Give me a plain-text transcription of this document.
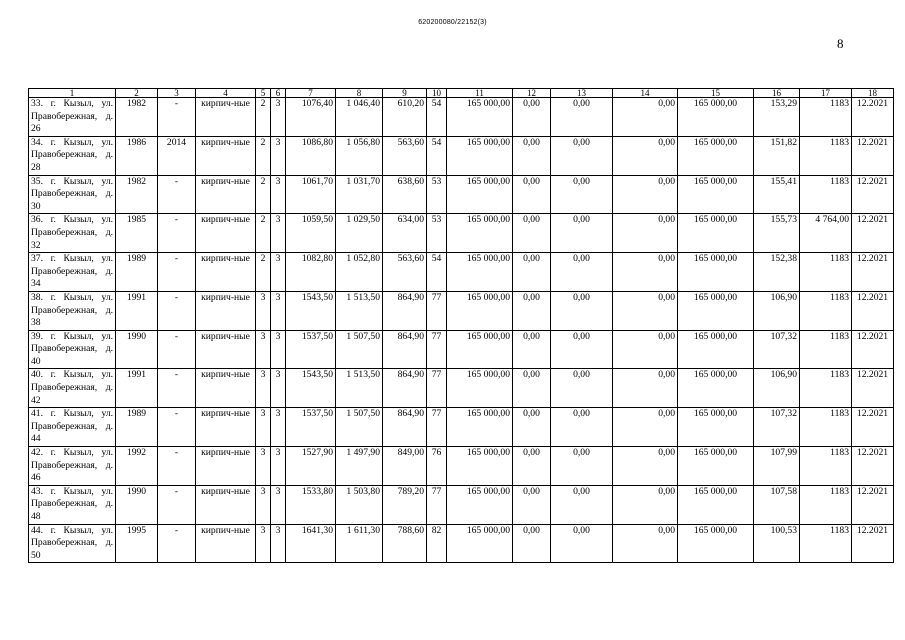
620200080/22152(3)
8
1	2	3	4	5	6	7	8	9	10	11	12	13	14	15	16	17	18
33. г. Кызыл, ул. Правобережная, д. 26	1982	-	кирпич-ные	2	3	1076,40	1 046,40	610,20	54	165 000,00	0,00	0,00	0,00	165 000,00	153,29	1183	12.2021
34. г. Кызыл, ул. Правобережная, д. 28	1986	2014	кирпич-ные	2	3	1086,80	1 056,80	563,60	54	165 000,00	0,00	0,00	0,00	165 000,00	151,82	1183	12.2021
35. г. Кызыл, ул. Правобережная, д. 30	1982	-	кирпич-ные	2	3	1061,70	1 031,70	638,60	53	165 000,00	0,00	0,00	0,00	165 000,00	155,41	1183	12.2021
36. г. Кызыл, ул. Правобережная, д. 32	1985	-	кирпич-ные	2	3	1059,50	1 029,50	634,00	53	165 000,00	0,00	0,00	0,00	165 000,00	155,73	4 764,00	12.2021
37. г. Кызыл, ул. Правобережная, д. 34	1989	-	кирпич-ные	2	3	1082,80	1 052,80	563,60	54	165 000,00	0,00	0,00	0,00	165 000,00	152,38	1183	12.2021
38. г. Кызыл, ул. Правобережная, д. 38	1991	-	кирпич-ные	3	3	1543,50	1 513,50	864,90	77	165 000,00	0,00	0,00	0,00	165 000,00	106,90	1183	12.2021
39. г. Кызыл, ул. Правобережная, д. 40	1990	-	кирпич-ные	3	3	1537,50	1 507,50	864,90	77	165 000,00	0,00	0,00	0,00	165 000,00	107,32	1183	12.2021
40. г. Кызыл, ул. Правобережная, д. 42	1991	-	кирпич-ные	3	3	1543,50	1 513,50	864,90	77	165 000,00	0,00	0,00	0,00	165 000,00	106,90	1183	12.2021
41. г. Кызыл, ул. Правобережная, д. 44	1989	-	кирпич-ные	3	3	1537,50	1 507,50	864,90	77	165 000,00	0,00	0,00	0,00	165 000,00	107,32	1183	12.2021
42. г. Кызыл, ул. Правобережная, д. 46	1992	-	кирпич-ные	3	3	1527,90	1 497,90	849,00	76	165 000,00	0,00	0,00	0,00	165 000,00	107,99	1183	12.2021
43. г. Кызыл, ул. Правобережная, д. 48	1990	-	кирпич-ные	3	3	1533,80	1 503,80	789,20	77	165 000,00	0,00	0,00	0,00	165 000,00	107,58	1183	12.2021
44. г. Кызыл, ул. Правобережная, д. 50	1995	-	кирпич-ные	3	3	1641,30	1 611,30	788,60	82	165 000,00	0,00	0,00	0,00	165 000,00	100,53	1183	12.2021
